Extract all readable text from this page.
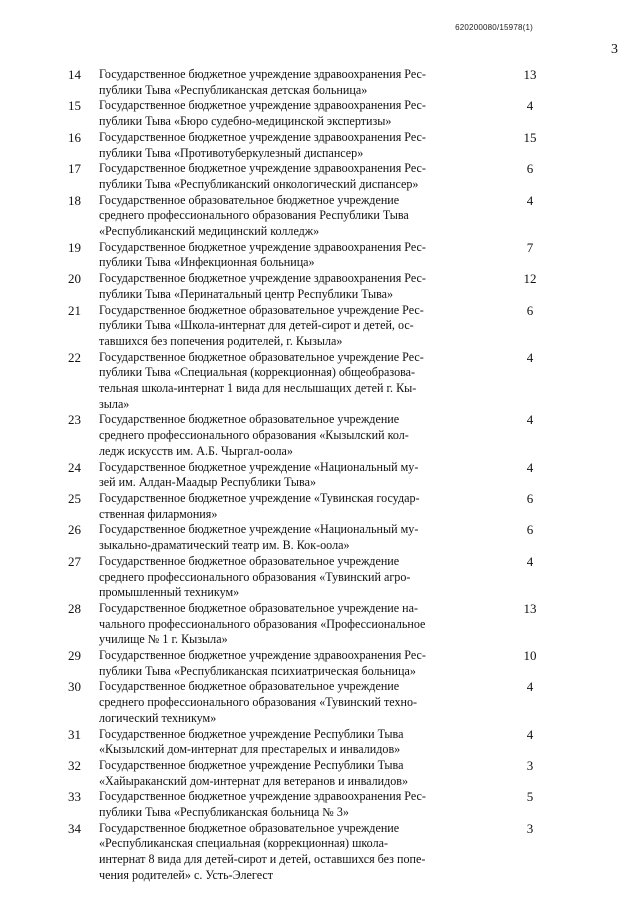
620200080/15978(1)
3
14 Государственное бюджетное учреждение здравоохранения Рес-
публики Тыва «Республиканская детская больница»
13
15 Государственное бюджетное учреждение здравоохранения Рес-
публики Тыва «Бюро судебно-медицинской экспертизы»
4
16 Государственное бюджетное учреждение здравоохранения Рес-
публики Тыва «Противотуберкулезный диспансер»
15
17 Государственное бюджетное учреждение здравоохранения Рес-
публики Тыва «Республиканский онкологический диспансер»
6
18 Государственное образовательное бюджетное учреждение
среднего профессионального образования Республики Тыва
«Республиканский медицинский колледж»
4
19 Государственное бюджетное учреждение здравоохранения Рес-
публики Тыва «Инфекционная больница»
7
20 Государственное бюджетное учреждение здравоохранения Рес-
публики Тыва «Перинатальный центр Республики Тыва»
12
21 Государственное бюджетное образовательное учреждение Рес-
публики Тыва «Школа-интернат для детей-сирот и детей, ос-
тавшихся без попечения родителей, г. Кызыла»
6
22 Государственное бюджетное образовательное учреждение Рес-
публики Тыва «Специальная (коррекционная) общеобразова-
тельная школа-интернат 1 вида для неслышащих детей г. Кы-
зыла»
4
23 Государственное бюджетное образовательное учреждение
среднего профессионального образования «Кызылский кол-
ледж искусств им. А.Б. Чыргал-оола»
4
24 Государственное бюджетное учреждение «Национальный му-
зей им. Алдан-Маадыр Республики Тыва»
4
25 Государственное бюджетное учреждение «Тувинская государ-
ственная филармония»
6
26 Государственное бюджетное учреждение «Национальный му-
зыкально-драматический театр им. В. Кок-оола»
6
27 Государственное бюджетное образовательное учреждение
среднего профессионального образования «Тувинский агро-
промышленный техникум»
4
28 Государственное бюджетное образовательное учреждение на-
чального профессионального образования «Профессиональное
училище № 1 г. Кызыла»
13
29 Государственное бюджетное учреждение здравоохранения Рес-
публики Тыва «Республиканская психиатрическая больница»
10
30 Государственное бюджетное образовательное учреждение
среднего профессионального образования «Тувинский техно-
логический техникум»
4
31 Государственное бюджетное учреждение Республики Тыва
«Кызылский дом-интернат для престарелых и инвалидов»
4
32 Государственное бюджетное учреждение Республики Тыва
«Хайыраканский дом-интернат для ветеранов и инвалидов»
3
33 Государственное бюджетное учреждение здравоохранения Рес-
публики Тыва «Республиканская больница № 3»
5
34 Государственное бюджетное образовательное учреждение
«Республиканская специальная (коррекционная) школа-
интернат 8 вида для детей-сирот и детей, оставшихся без попе-
чения родителей» с. Усть-Элегест
3
